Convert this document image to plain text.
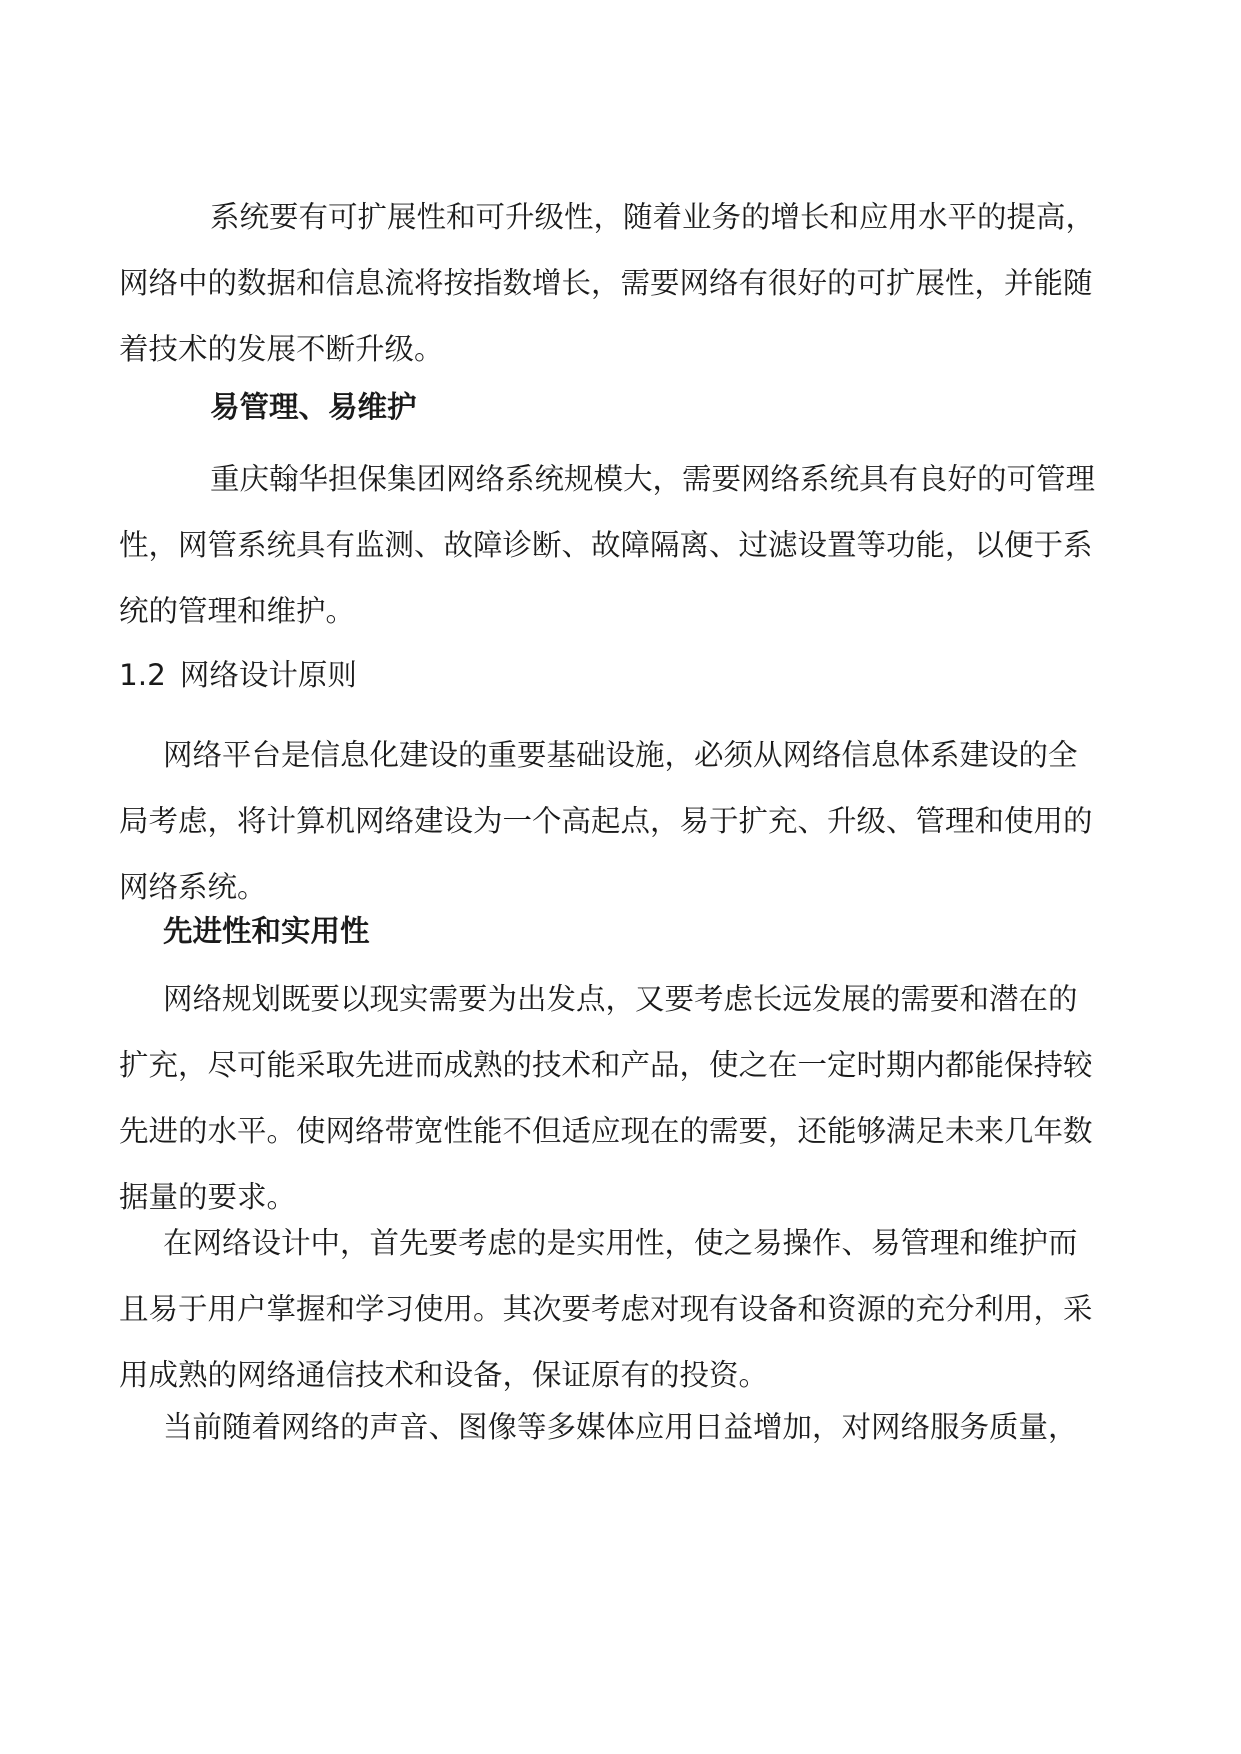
系统要有可扩展性和可升级性，随着业务的增长和应用水平的提高，
网络中的数据和信息流将按指数增长，需要网络有很好的可扩展性，并能随
着技术的发展不断升级。
易管理、易维护
重庆翰华担保集团网络系统规模大，需要网络系统具有良好的可管理
性，网管系统具有监测、故障诊断、故障隔离、过滤设置等功能，以便于系
统的管理和维护。
1.2 网络设计原则
网络平台是信息化建设的重要基础设施，必须从网络信息体系建设的全
局考虑，将计算机网络建设为一个高起点，易于扩充、升级、管理和使用的
网络系统。
先进性和实用性
网络规划既要以现实需要为出发点，又要考虑长远发展的需要和潜在的
扩充，尽可能采取先进而成熟的技术和产品，使之在一定时期内都能保持较
先进的水平。使网络带宽性能不但适应现在的需要，还能够满足未来几年数
据量的要求。
在网络设计中，首先要考虑的是实用性，使之易操作、易管理和维护而
且易于用户掌握和学习使用。其次要考虑对现有设备和资源的充分利用，采
用成熟的网络通信技术和设备，保证原有的投资。
当前随着网络的声音、图像等多媒体应用日益增加，对网络服务质量，
